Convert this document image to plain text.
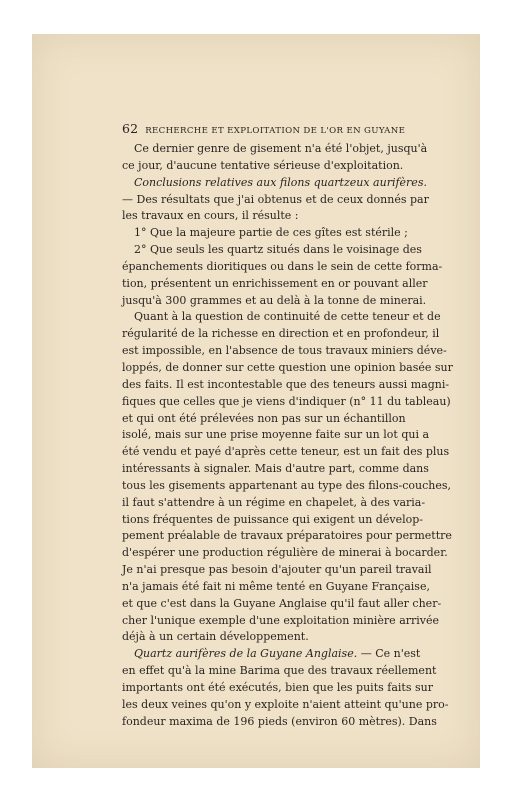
62 RECHERCHE ET EXPLOITATION DE L'OR EN GUYANE
Ce dernier genre de gisement n'a été l'objet, jusqu'à
ce jour, d'aucune tentative sérieuse d'exploitation.
Conclusions relatives aux filons quartzeux aurifères.
— Des résultats que j'ai obtenus et de ceux donnés par
les travaux en cours, il résulte :
1° Que la majeure partie de ces gîtes est stérile ;
2° Que seuls les quartz situés dans le voisinage des
épanchements dioritiques ou dans le sein de cette forma-
tion, présentent un enrichissement en or pouvant aller
jusqu'à 300 grammes et au delà à la tonne de minerai.
Quant à la question de continuité de cette teneur et de
régularité de la richesse en direction et en profondeur, il
est impossible, en l'absence de tous travaux miniers déve-
loppés, de donner sur cette question une opinion basée sur
des faits. Il est incontestable que des teneurs aussi magni-
fiques que celles que je viens d'indiquer (n° 11 du tableau)
et qui ont été prélevées non pas sur un échantillon
isolé, mais sur une prise moyenne faite sur un lot qui a
été vendu et payé d'après cette teneur, est un fait des plus
intéressants à signaler. Mais d'autre part, comme dans
tous les gisements appartenant au type des filons-couches,
il faut s'attendre à un régime en chapelet, à des varia-
tions fréquentes de puissance qui exigent un dévelop-
pement préalable de travaux préparatoires pour permettre
d'espérer une production régulière de minerai à bocarder.
Je n'ai presque pas besoin d'ajouter qu'un pareil travail
n'a jamais été fait ni même tenté en Guyane Française,
et que c'est dans la Guyane Anglaise qu'il faut aller cher-
cher l'unique exemple d'une exploitation minière arrivée
déjà à un certain développement.
Quartz aurifères de la Guyane Anglaise. — Ce n'est
en effet qu'à la mine Barima que des travaux réellement
importants ont été exécutés, bien que les puits faits sur
les deux veines qu'on y exploite n'aient atteint qu'une pro-
fondeur maxima de 196 pieds (environ 60 mètres). Dans
